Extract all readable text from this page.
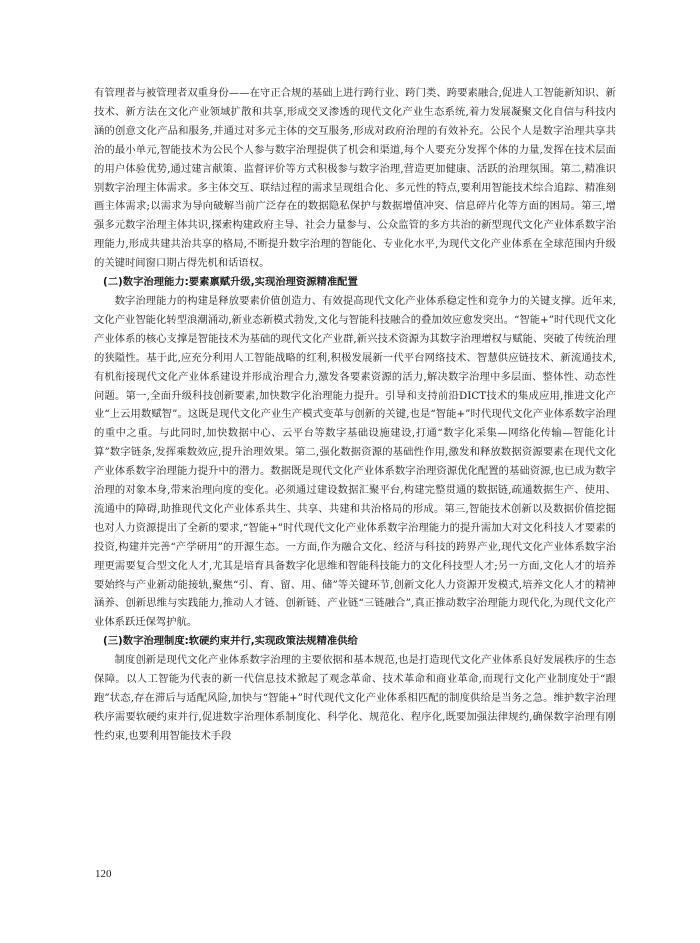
有管理者与被管理者双重身份——在守正合规的基础上进行跨行业、跨门类、跨要素融合,促进人工智能新知识、新技术、新方法在文化产业领域扩散和共享,形成交叉渗透的现代文化产业生态系统,着力发展凝聚文化自信与科技内涵的创意文化产品和服务,并通过对多元主体的交互服务,形成对政府治理的有效补充。公民个人是数字治理共享共治的最小单元,智能技术为公民个人参与数字治理提供了机会和渠道,每个人要充分发挥个体的力量,发挥在技术层面的用户体验优势,通过建言献策、监督评价等方式积极参与数字治理,营造更加健康、活跃的治理氛围。第二,精准识别数字治理主体需求。多主体交互、联结过程的需求呈现组合化、多元性的特点,要利用智能技术综合追踪、精准刻画主体需求;以需求为导向破解当前广泛存在的数据隐私保护与数据增值冲突、信息碎片化等方面的困局。第三,增强多元数字治理主体共识,探索构建政府主导、社会力量参与、公众监管的多方共治的新型现代文化产业体系数字治理能力,形成共建共治共享的格局,不断提升数字治理的智能化、专业化水平,为现代文化产业体系在全球范围内升级的关键时间窗口期占得先机和话语权。

(二)数字治理能力:要素禀赋升级,实现治理资源精准配置

数字治理能力的构建是释放要素价值创造力、有效提高现代文化产业体系稳定性和竞争力的关键支撑。近年来,文化产业智能化转型浪潮涌动,新业态新模式勃发,文化与智能科技融合的叠加效应愈发突出。“智能+”时代现代文化产业体系的核心支撑是智能技术为基础的现代文化产业群,新兴技术资源为其数字治理增权与赋能、突破了传统治理的狭隘性。基于此,应充分利用人工智能战略的红利,积极发展新一代平台网络技术、智慧供应链技术、新流通技术,有机衔接现代文化产业体系建设并形成治理合力,激发各要素资源的活力,解决数字治理中多层面、整体性、动态性问题。第一,全面升级科技创新要素,加快数字化治理能力提升。引导和支持前沿DICT技术的集成应用,推进文化产业“上云用数赋智”。这既是现代文化产业生产模式变革与创新的关键,也是“智能+”时代现代文化产业体系数字治理的重中之重。与此同时,加快数据中心、云平台等数字基础设施建设,打通“数字化采集—网络化传输—智能化计算”数字链条,发挥乘数效应,提升治理效果。第二,强化数据资源的基础性作用,激发和释放数据资源要素在现代文化产业体系数字治理能力提升中的潜力。数据既是现代文化产业体系数字治理资源优化配置的基础资源,也已成为数字治理的对象本身,带来治理向度的变化。必须通过建设数据汇聚平台,构建完整贯通的数据链,疏通数据生产、使用、流通中的障碍,助推现代文化产业体系共生、共享、共建和共治格局的形成。第三,智能技术创新以及数据价值挖掘也对人力资源提出了全新的要求,“智能+”时代现代文化产业体系数字治理能力的提升需加大对文化科技人才要素的投资,构建并完善“产学研用”的开源生态。一方面,作为融合文化、经济与科技的跨界产业,现代文化产业体系数字治理更需要复合型文化人才,尤其是培育具备数字化思维和智能科技能力的文化科技型人才;另一方面,文化人才的培养要始终与产业新动能接轨,聚焦“引、育、留、用、储”等关键环节,创新文化人力资源开发模式,培养文化人才的精神涵养、创新思维与实践能力,推动人才链、创新链、产业链“三链融合”,真正推动数字治理能力现代化,为现代文化产业体系跃迁保驾护航。

(三)数字治理制度:软硬约束并行,实现政策法规精准供给

制度创新是现代文化产业体系数字治理的主要依据和基本规范,也是打造现代文化产业体系良好发展秩序的生态保障。以人工智能为代表的新一代信息技术掀起了观念革命、技术革命和商业革命,而现行文化产业制度处于“跟跑”状态,存在滞后与适配风险,加快与“智能+”时代现代文化产业体系相匹配的制度供给是当务之急。维护数字治理秩序需要软硬约束并行,促进数字治理体系制度化、科学化、规范化、程序化,既要加强法律规约,确保数字治理有刚性约束,也要利用智能技术手段

120
